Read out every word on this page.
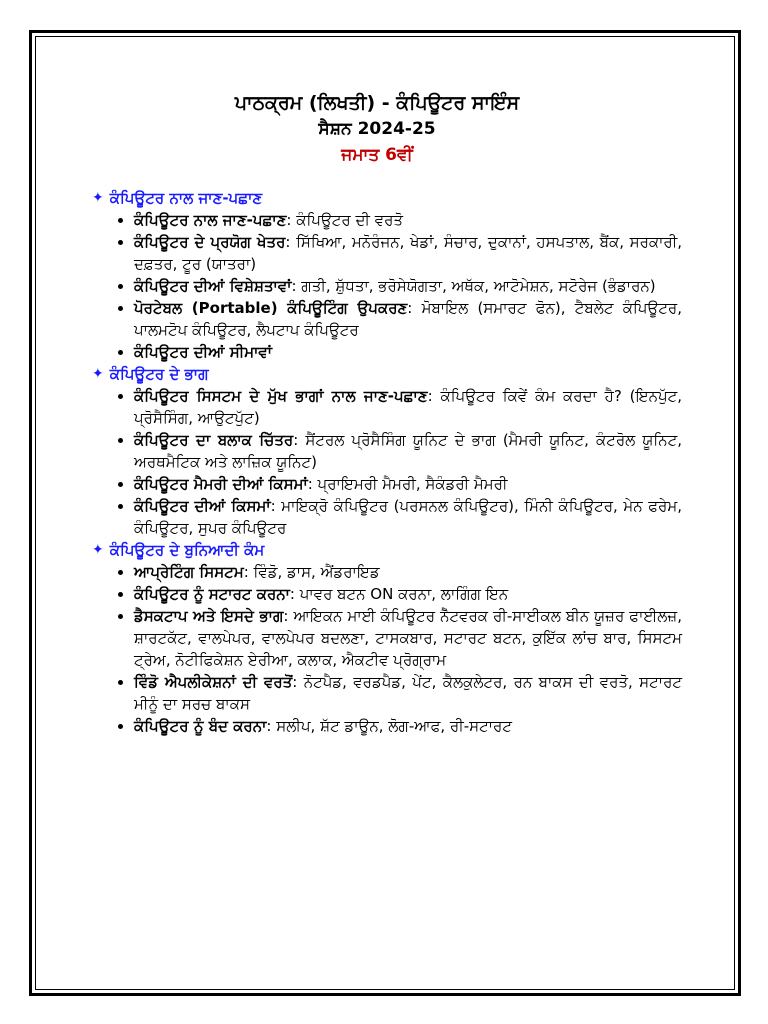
ਪਾਠਕ੍ਰਮ (ਲਿਖਤੀ) - ਕੰਪਿਊਟਰ ਸਾਇੰਸ

ਸੈਸ਼ਨ 2024-25

ਜਮਾਤ 6ਵੀਂ

✦ ਕੰਪਿਊਟਰ ਨਾਲ ਜਾਣ-ਪਛਾਣ

ਕੰਪਿਊਟਰ ਨਾਲ ਜਾਣ-ਪਛਾਣ: ਕੰਪਿਊਟਰ ਦੀ ਵਰਤੋ
ਕੰਪਿਊਟਰ ਦੇ ਪ੍ਰਯੋਗ ਖੇਤਰ: ਸਿੱਖਿਆ, ਮਨੋਰੰਜਨ, ਖੇਡਾਂ, ਸੰਚਾਰ, ਦੁਕਾਨਾਂ, ਹਸਪਤਾਲ, ਬੈਂਕ, ਸਰਕਾਰੀ, ਦਫ਼ਤਰ, ਟੂਰ (ਯਾਤਰਾ)
ਕੰਪਿਊਟਰ ਦੀਆਂ ਵਿਸ਼ੇਸ਼ਤਾਵਾਂ: ਗਤੀ, ਸ਼ੁੱਧਤਾ, ਭਰੋਸੇਯੋਗਤਾ, ਅਥੱਕ, ਆਟੋਮੇਸ਼ਨ, ਸਟੋਰੇਜ (ਭੰਡਾਰਨ)
ਪੋਰਟੇਬਲ (Portable) ਕੰਪਿਊਟਿੰਗ ਉਪਕਰਣ: ਮੋਬਾਇਲ (ਸਮਾਰਟ ਫੋਨ), ਟੈਬਲੇਟ ਕੰਪਿਊਟਰ, ਪਾਲਮਟੋਪ ਕੰਪਿਊਟਰ, ਲੈਪਟਾਪ ਕੰਪਿਊਟਰ
ਕੰਪਿਊਟਰ ਦੀਆਂ ਸੀਮਾਵਾਂ

✦ ਕੰਪਿਊਟਰ ਦੇ ਭਾਗ

ਕੰਪਿਊਟਰ ਸਿਸਟਮ ਦੇ ਮੁੱਖ ਭਾਗਾਂ ਨਾਲ ਜਾਣ-ਪਛਾਣ: ਕੰਪਿਊਟਰ ਕਿਵੇਂ ਕੰਮ ਕਰਦਾ ਹੈ? (ਇਨਪੁੱਟ, ਪ੍ਰੋਸੈਸਿੰਗ, ਆਉਟਪੁੱਟ)
ਕੰਪਿਊਟਰ ਦਾ ਬਲਾਕ ਚਿੱਤਰ: ਸੈਂਟਰਲ ਪ੍ਰੋਸੈਸਿੰਗ ਯੂਨਿਟ ਦੇ ਭਾਗ (ਮੈਮਰੀ ਯੂਨਿਟ, ਕੰਟਰੋਲ ਯੂਨਿਟ, ਅਰਥਮੈਟਿਕ ਅਤੇ ਲਾਜ਼ਿਕ ਯੂਨਿਟ)
ਕੰਪਿਊਟਰ ਮੈਮਰੀ ਦੀਆਂ ਕਿਸਮਾਂ: ਪ੍ਰਾਇਮਰੀ ਮੈਮਰੀ, ਸੈਕੰਡਰੀ ਮੈਮਰੀ
ਕੰਪਿਊਟਰ ਦੀਆਂ ਕਿਸਮਾਂ: ਮਾਇਕ੍ਰੋ ਕੰਪਿਊਟਰ (ਪਰਸਨਲ ਕੰਪਿਊਟਰ), ਮਿੰਨੀ ਕੰਪਿਊਟਰ, ਮੇਨ ਫਰੇਮ, ਕੰਪਿਊਟਰ, ਸੁਪਰ ਕੰਪਿਊਟਰ

✦ ਕੰਪਿਊਟਰ ਦੇ ਬੁਨਿਆਦੀ ਕੰਮ

ਆਪ੍ਰੇਟਿੰਗ ਸਿਸਟਮ: ਵਿੰਡੋ, ਡਾਸ, ਐਂਡਰਾਇਡ
ਕੰਪਿਊਟਰ ਨੂੰ ਸਟਾਰਟ ਕਰਨਾ: ਪਾਵਰ ਬਟਨ ON ਕਰਨਾ, ਲਾਗਿੰਗ ਇਨ
ਡੈਸਕਟਾਪ ਅਤੇ ਇਸਦੇ ਭਾਗ: ਆਇਕਨ ਮਾਈ ਕੰਪਿਊਟਰ ਨੈੱਟਵਰਕ ਰੀ-ਸਾਈਕਲ ਬੀਨ ਯੂਜ਼ਰ ਫਾਈਲਜ਼, ਸ਼ਾਰਟਕੱਟ, ਵਾਲਪੇਪਰ, ਵਾਲਪੇਪਰ ਬਦਲਣਾ, ਟਾਸਕਬਾਰ, ਸਟਾਰਟ ਬਟਨ, ਕੁਇੱਕ ਲਾਂਚ ਬਾਰ, ਸਿਸਟਮ ਟ੍ਰੇਅ, ਨੋਟੀਫਿਕੇਸ਼ਨ ਏਰੀਆ, ਕਲਾਕ, ਐਕਟੀਵ ਪ੍ਰੋਗ੍ਰਾਮ
ਵਿੰਡੋ ਐਪਲੀਕੇਸ਼ਨਾਂ ਦੀ ਵਰਤੋਂ: ਨੋਟਪੈਡ, ਵਰਡਪੈਡ, ਪੇਂਟ, ਕੈਲਕੁਲੇਟਰ, ਰਨ ਬਾਕਸ ਦੀ ਵਰਤੋ, ਸਟਾਰਟ ਮੀਨੂੰ ਦਾ ਸਰਚ ਬਾਕਸ
ਕੰਪਿਊਟਰ ਨੂੰ ਬੰਦ ਕਰਨਾ: ਸਲੀਪ, ਸ਼ੱਟ ਡਾਊਨ, ਲੋਗ-ਆਫ, ਰੀ-ਸਟਾਰਟ
